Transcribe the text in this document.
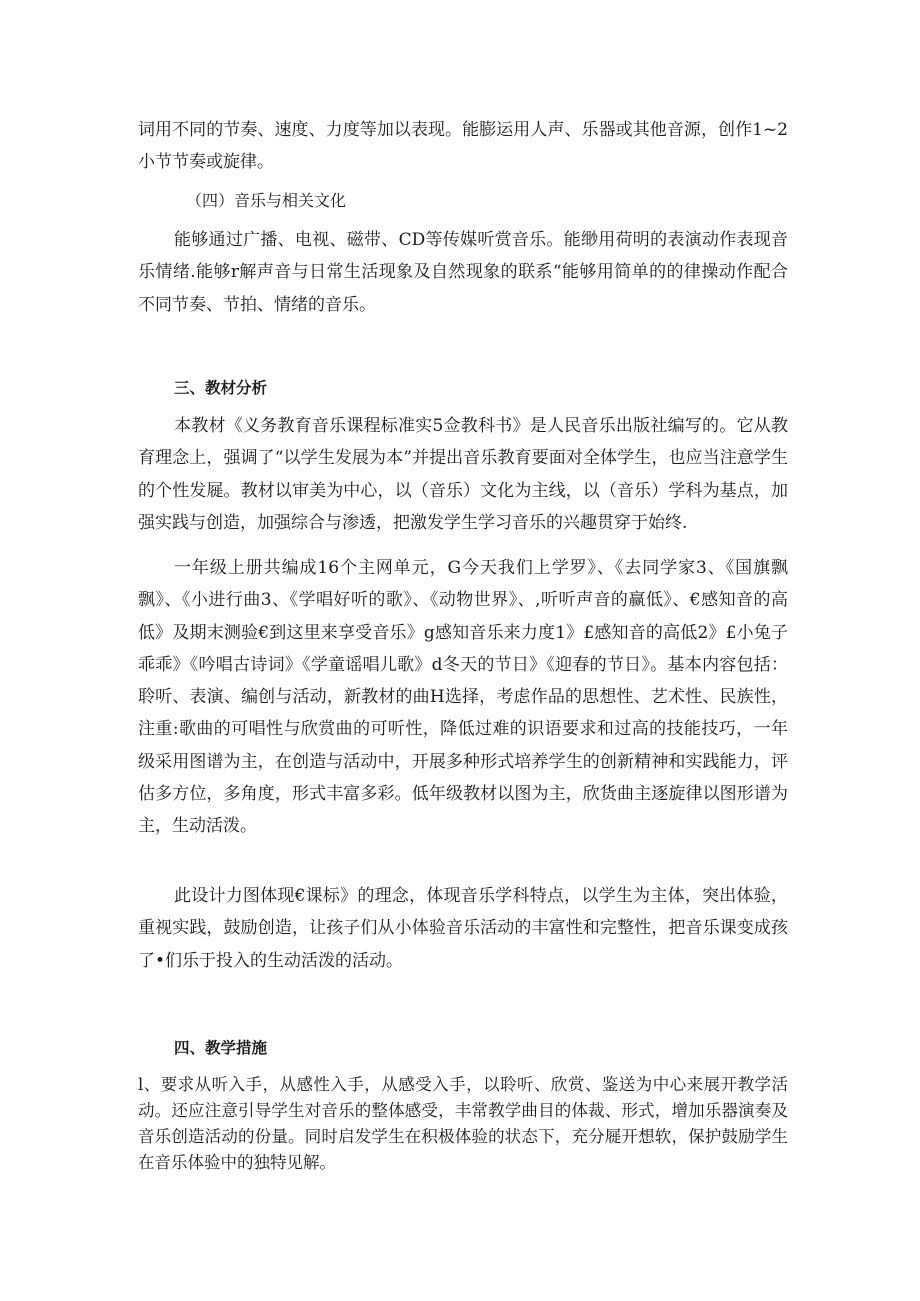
词用不同的节奏、速度、力度等加以表现。能膨运用人声、乐器或其他音源，创作1~2小节节奏或旋律。

（四）音乐与相关文化

能够通过广播、电视、磁带、CD等传媒听赏音乐。能缈用荷明的表演动作表现音乐情绪.能够r解声音与日常生活现象及自然现象的联系“能够用简单的的律操动作配合不同节奏、节拍、情绪的音乐。

三、教材分析

本教材《义务教育音乐课程标准实5佥教科书》是人民音乐出版社编写的。它从教育理念上，强调了“以学生发展为本”并提出音乐教育要面对全体学生，也应当注意学生的个性发屣。教材以审美为中心，以（音乐）文化为主线，以（音乐）学科为基点，加强实践与创造，加强综合与渗透，把激发学生学习音乐的兴趣贯穿于始终.

一年级上册共编成16个主网单元，G今天我们上学罗》、《去同学家3、《国旗飘飘》、《小进行曲3、《学唱好听的歌》、《动物世界》、,听听声音的赢低》、€感知音的高低》及期末测验€到这里来享受音乐》g感知音乐来力度1》£感知音的高低2》£小兔子乖乖》《吟唱古诗词》《学童谣唱儿歌》d冬天的节日》《迎春的节日》。基本内容包括：聆听、表演、编创与活动，新教材的曲H选择，考虑作品的思想性、艺术性、民族性，注重:歌曲的可唱性与欣赏曲的可听性，降低过难的识语要求和过高的技能技巧，一年级采用图谱为主，在创造与活动中，开展多种形式培养学生的创新精神和实践能力，评估多方位，多角度，形式丰富多彩。低年级教材以图为主，欣货曲主逐旋律以图形谱为主，生动活泼。

此设计力图体现€课标》的理念，体现音乐学科特点，以学生为主体，突出体验，重视实践，鼓励创造，让孩子们从小体验音乐活动的丰富性和完整性，把音乐课变成孩了•们乐于投入的生动活泼的活动。

四、教学措施

l、要求从听入手，从感性入手，从感受入手，以聆听、欣赏、鉴送为中心来展开教学活动。还应注意引导学生对音乐的整体感受，丰常教学曲目的体裁、形式，增加乐器演奏及音乐创造活动的份量。同时启发学生在积极体验的状态下，充分屣开想软，保护鼓励学生在音乐体验中的独特见解。
